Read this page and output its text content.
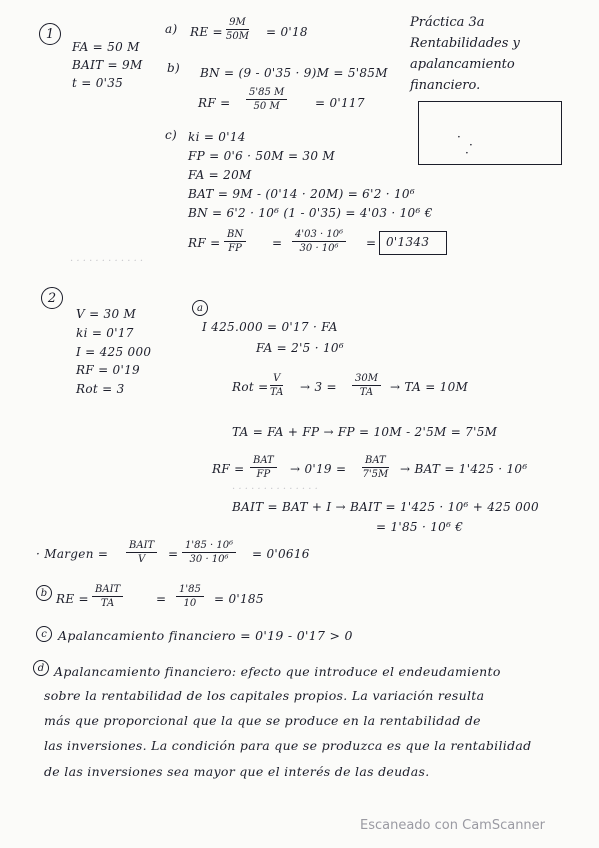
Práctica 3a
Rentabilidades y
apalancamiento
financiero.
·
·
·
1
FA = 50 M
BAIT = 9M
t = 0'35
a) RE = $\frac{9M}{50M} = 0'18$
b) BN = (9 - 0'35 · 9)M = 5'85M
RF = $\frac{5'85 M}{50 M} = 0'117$
c) ki = 0'14
FP = 0'6 · 50M = 30 M
FA = 20M
BAT = 9M - (0'14 · 20M) = 6'2 · 10⁶
BN = 6'2 · 10⁶ (1 - 0'35) = 4'03 · 10⁶ €
RF = $\frac{BN}{FP} = \frac{\text{4'03 · 10⁶}}{\text{30 · 10⁶}} = 0'1343$
· · · · · · · · · · · ·
2
V = 30 M
ki = 0'17
I = 425 000
RF = 0'19
Rot = 3
a
I 425.000 = 0'17 · FA
FA = 2'5 · 10⁶
Rot = $\frac{V}{TA} \to 3 = \frac{30M}{TA}$ → TA = 10M
TA = FA + FP → FP = 10M - 2'5M = 7'5M
RF =
BAT
FP → 0'19 =
BAT
7'5M → BAT = 1'425 · 10⁶
· · · · · · · · · · · · · ·
BAIT = BAT + I → BAIT = 1'425 · 10⁶ + 425 000
= 1'85 · 10⁶ €
· Margen =
BAIT
$V = \frac{\text{1'85 · 10⁶}}{\text{30 · 10⁶}} = 0'0616$
b RE =
BAIT
TA	= $\frac{1'85}{10} = 0'185$
c Apalancamiento financiero = 0'19 - 0'17 > 0
d Apalancamiento financiero: efecto que introduce el endeudamiento
sobre la rentabilidad de los capitales propios. La variación resulta
más que proporcional que la que se produce en la rentabilidad de
las inversiones. La condición para que se produzca es que la rentabilidad
de las inversiones sea mayor que el interés de las deudas.
Escaneado con CamScanner
